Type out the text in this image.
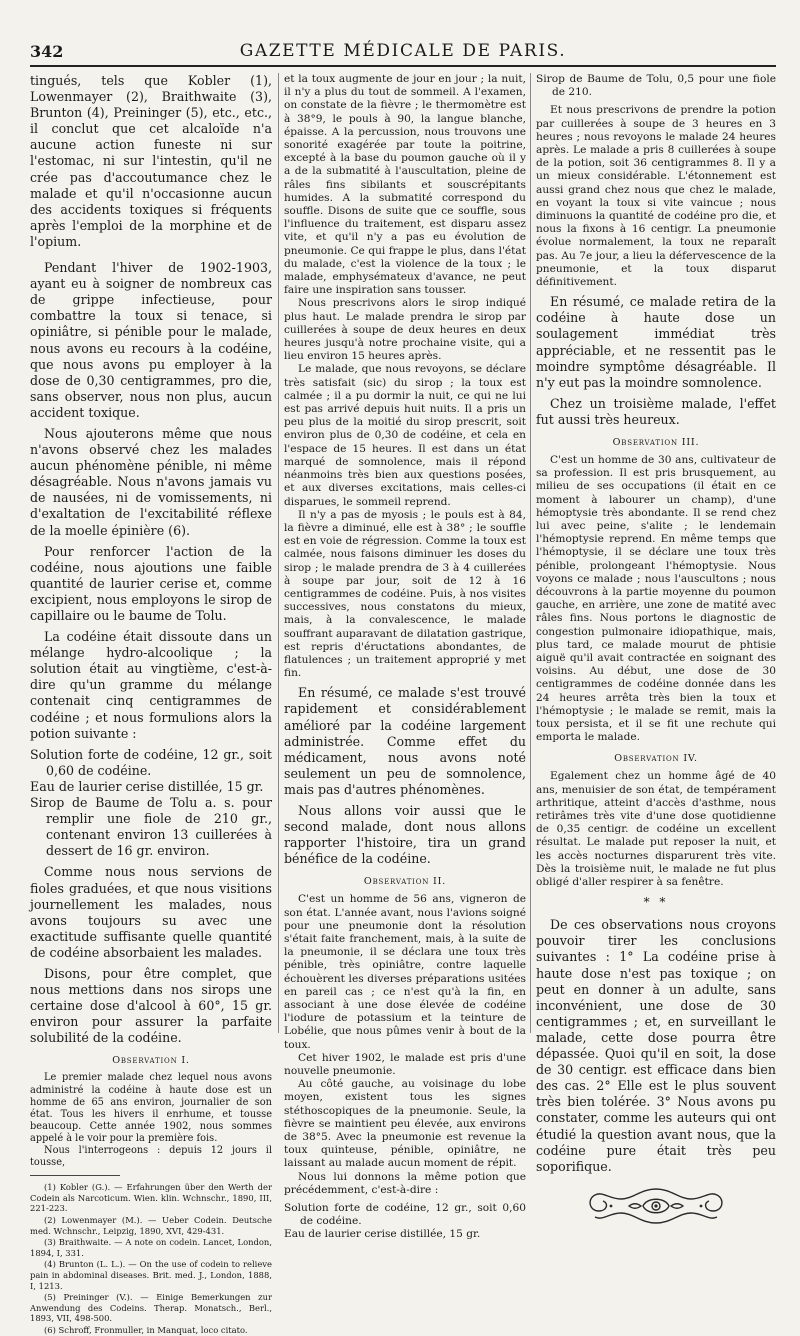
342	GAZETTE MÉDICALE DE PARIS.

tingués, tels que Kobler (1), Lowenmayer (2), Braithwaite (3), Brunton (4), Preininger (5), etc., etc., il conclut que cet alcaloïde n'a aucune action funeste ni sur l'estomac, ni sur l'intestin, qu'il ne crée pas d'accoutumance chez le malade et qu'il n'occasionne aucun des accidents toxiques si fréquents après l'emploi de la morphine et de l'opium.

Pendant l'hiver de 1902-1903, ayant eu à soigner de nombreux cas de grippe infectieuse, pour combattre la toux si tenace, si opiniâtre, si pénible pour le malade, nous avons eu recours à la codéine, que nous avons pu employer à la dose de 0,30 centigrammes, pro die, sans observer, nous non plus, aucun accident toxique.

Nous ajouterons même que nous n'avons observé chez les malades aucun phénomène pénible, ni même désagréable. Nous n'avons jamais vu de nausées, ni de vomissements, ni d'exaltation de l'excitabilité réflexe de la moelle épinière (6).

Pour renforcer l'action de la codéine, nous ajoutions une faible quantité de laurier cerise et, comme excipient, nous employons le sirop de capillaire ou le baume de Tolu.

La codéine était dissoute dans un mélange hydro-alcoolique ; la solution était au vingtième, c'est-à-dire qu'un gramme du mélange contenait cinq centigrammes de codéine ; et nous formulions alors la potion suivante :

Solution forte de codéine, 12 gr., soit 0,60 de codéine.

Eau de laurier cerise distillée, 15 gr.

Sirop de Baume de Tolu a. s. pour remplir une fiole de 210 gr., contenant environ 13 cuillerées à dessert de 16 gr. environ.

Comme nous nous servions de fioles graduées, et que nous visitions journellement les malades, nous avons toujours su avec une exactitude suffisante quelle quantité de codéine absorbaient les malades.

Disons, pour être complet, que nous mettions dans nos sirops une certaine dose d'alcool à 60°, 15 gr. environ pour assurer la parfaite solubilité de la codéine.

Observation I.

Le premier malade chez lequel nous avons administré la codéine à haute dose est un homme de 65 ans environ, journalier de son état. Tous les hivers il enrhume, et tousse beaucoup. Cette année 1902, nous sommes appelé à le voir pour la première fois.

Nous l'interrogeons : depuis 12 jours il tousse,

(1) Kobler (G.). — Erfahrungen über den Werth der Codein als Narcoticum. Wien. klin. Wchnschr., 1890, III, 221-223.

(2) Lowenmayer (M.). — Ueber Codein. Deutsche med. Wchnschr., Leipzig, 1890, XVI, 429-431.

(3) Braithwaite. — A note on codein. Lancet, London, 1894, I, 331.

(4) Brunton (L. L.). — On the use of codein to relieve pain in abdominal diseases. Brit. med. J., London, 1888, I, 1213.

(5) Preininger (V.). — Einige Bemerkungen zur Anwendung des Codeins. Therap. Monatsch., Berl., 1893, VII, 498-500.

(6) Schroff, Fronmuller, in Manquat, loco citato.

et la toux augmente de jour en jour ; la nuit, il n'y a plus du tout de sommeil. A l'examen, on constate de la fièvre ; le thermomètre est à 38°9, le pouls à 90, la langue blanche, épaisse. A la percussion, nous trouvons une sonorité exagérée par toute la poitrine, excepté à la base du poumon gauche où il y a de la submatité à l'auscultation, pleine de râles fins sibilants et souscrépitants humides. A la submatité correspond du souffle. Disons de suite que ce souffle, sous l'influence du traitement, est disparu assez vite, et qu'il n'y a pas eu évolution de pneumonie. Ce qui frappe le plus, dans l'état du malade, c'est la violence de la toux ; le malade, emphysémateux d'avance, ne peut faire une inspiration sans tousser.

Nous prescrivons alors le sirop indiqué plus haut. Le malade prendra le sirop par cuillerées à soupe de deux heures en deux heures jusqu'à notre prochaine visite, qui a lieu environ 15 heures après.

Le malade, que nous revoyons, se déclare très satisfait (sic) du sirop ; la toux est calmée ; il a pu dormir la nuit, ce qui ne lui est pas arrivé depuis huit nuits. Il a pris un peu plus de la moitié du sirop prescrit, soit environ plus de 0,30 de codéine, et cela en l'espace de 15 heures. Il est dans un état marqué de somnolence, mais il répond néanmoins très bien aux questions posées, et aux diverses excitations, mais celles-ci disparues, le sommeil reprend.

Il n'y a pas de myosis ; le pouls est à 84, la fièvre a diminué, elle est à 38° ; le souffle est en voie de régression. Comme la toux est calmée, nous faisons diminuer les doses du sirop ; le malade prendra de 3 à 4 cuillerées à soupe par jour, soit de 12 à 16 centigrammes de codéine. Puis, à nos visites successives, nous constatons du mieux, mais, à la convalescence, le malade souffrant auparavant de dilatation gastrique, est repris d'éructations abondantes, de flatulences ; un traitement approprié y met fin.

En résumé, ce malade s'est trouvé rapidement et considérablement amélioré par la codéine largement administrée. Comme effet du médicament, nous avons noté seulement un peu de somnolence, mais pas d'autres phénomènes.

Nous allons voir aussi que le second malade, dont nous allons rapporter l'histoire, tira un grand bénéfice de la codéine.

Observation II.

C'est un homme de 56 ans, vigneron de son état. L'année avant, nous l'avions soigné pour une pneumonie dont la résolution s'était faite franchement, mais, à la suite de la pneumonie, il se déclara une toux très pénible, très opiniâtre, contre laquelle échouèrent les diverses préparations usitées en pareil cas ; ce n'est qu'à la fin, en associant à une dose élevée de codéine l'iodure de potassium et la teinture de Lobélie, que nous pûmes venir à bout de la toux.

Cet hiver 1902, le malade est pris d'une nouvelle pneumonie.

Au côté gauche, au voisinage du lobe moyen, existent tous les signes stéthoscopiques de la pneumonie. Seule, la fièvre se maintient peu élevée, aux environs de 38°5. Avec la pneumonie est revenue la toux quinteuse, pénible, opiniâtre, ne laissant au malade aucun moment de répit.

Nous lui donnons la même potion que précédemment, c'est-à-dire :

Solution forte de codéine, 12 gr., soit 0,60 de codéine.

Eau de laurier cerise distillée, 15 gr.

Sirop de Baume de Tolu, 0,5 pour une fiole de 210.

Et nous prescrivons de prendre la potion par cuillerées à soupe de 3 heures en 3 heures ; nous revoyons le malade 24 heures après. Le malade a pris 8 cuillerées à soupe de la potion, soit 36 centigrammes 8. Il y a un mieux considérable. L'étonnement est aussi grand chez nous que chez le malade, en voyant la toux si vite vaincue ; nous diminuons la quantité de codéine pro die, et nous la fixons à 16 centigr. La pneumonie évolue normalement, la toux ne reparaît pas. Au 7e jour, a lieu la défervescence de la pneumonie, et la toux disparut définitivement.

En résumé, ce malade retira de la codéine à haute dose un soulagement immédiat très appréciable, et ne ressentit pas le moindre symptôme désagréable. Il n'y eut pas la moindre somnolence.

Chez un troisième malade, l'effet fut aussi très heureux.

Observation III.

C'est un homme de 30 ans, cultivateur de sa profession. Il est pris brusquement, au milieu de ses occupations (il était en ce moment à labourer un champ), d'une hémoptysie très abondante. Il se rend chez lui avec peine, s'alite ; le lendemain l'hémoptysie reprend. En même temps que l'hémoptysie, il se déclare une toux très pénible, prolongeant l'hémoptysie. Nous voyons ce malade ; nous l'auscultons ; nous découvrons à la partie moyenne du poumon gauche, en arrière, une zone de matité avec râles fins. Nous portons le diagnostic de congestion pulmonaire idiopathique, mais, plus tard, ce malade mourut de phtisie aiguë qu'il avait contractée en soignant des voisins. Au début, une dose de 30 centigrammes de codéine donnée dans les 24 heures arrêta très bien la toux et l'hémoptysie ; le malade se remit, mais la toux persista, et il se fit une rechute qui emporta le malade.

Observation IV.

Egalement chez un homme âgé de 40 ans, menuisier de son état, de tempérament arthritique, atteint d'accès d'asthme, nous retirâmes très vite d'une dose quotidienne de 0,35 centigr. de codéine un excellent résultat. Le malade put reposer la nuit, et les accès nocturnes disparurent très vite. Dès la troisième nuit, le malade ne fut plus obligé d'aller respirer à sa fenêtre.

* *

De ces observations nous croyons pouvoir tirer les conclusions suivantes : 1° La codéine prise à haute dose n'est pas toxique ; on peut en donner à un adulte, sans inconvénient, une dose de 30 centigrammes ; et, en surveillant le malade, cette dose pourra être dépassée. Quoi qu'il en soit, la dose de 30 centigr. est efficace dans bien des cas. 2° Elle est le plus souvent très bien tolérée. 3° Nous avons pu constater, comme les auteurs qui ont étudié la question avant nous, que la codéine pure était très peu soporifique.
